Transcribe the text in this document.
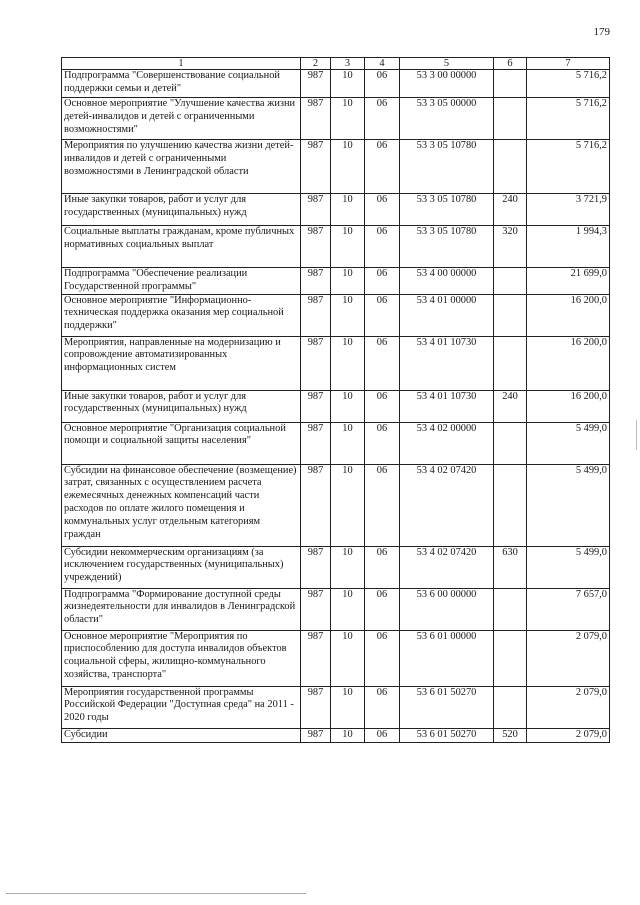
179
1	2	3	4	5	6	7
Подпрограмма "Совершенствование социальной поддержки семьи и детей"	987	10	06	53 3 00 00000		5 716,2
Основное мероприятие "Улучшение качества жизни детей-инвалидов и детей с ограниченными возможностями"	987	10	06	53 3 05 00000		5 716,2
Мероприятия по улучшению качества жизни детей-инвалидов и детей с ограниченными возможностями в Ленинградской области	987	10	06	53 3 05 10780		5 716,2
Иные закупки товаров, работ и услуг для государственных (муниципальных) нужд	987	10	06	53 3 05 10780	240	3 721,9
Социальные выплаты гражданам, кроме публичных нормативных социальных выплат	987	10	06	53 3 05 10780	320	1 994,3
Подпрограмма "Обеспечение реализации Государственной программы"	987	10	06	53 4 00 00000		21 699,0
Основное мероприятие "Информационно-техническая поддержка оказания мер социальной поддержки"	987	10	06	53 4 01 00000		16 200,0
Мероприятия, направленные на модернизацию и сопровождение автоматизированных информационных систем	987	10	06	53 4 01 10730		16 200,0
Иные закупки товаров, работ и услуг для государственных (муниципальных) нужд	987	10	06	53 4 01 10730	240	16 200,0
Основное мероприятие "Организация социальной помощи и социальной защиты населения"	987	10	06	53 4 02 00000		5 499,0
Субсидии на финансовое обеспечение (возмещение) затрат, связанных с осуществлением расчета ежемесячных денежных компенсаций части расходов по оплате жилого помещения и коммунальных услуг отдельным категориям граждан	987	10	06	53 4 02 07420		5 499,0
Субсидии некоммерческим организациям (за исключением государственных (муниципальных) учреждений)	987	10	06	53 4 02 07420	630	5 499,0
Подпрограмма "Формирование доступной среды жизнедеятельности для инвалидов в Ленинградской области"	987	10	06	53 6 00 00000		7 657,0
Основное мероприятие "Мероприятия по приспособлению для доступа инвалидов объектов социальной сферы, жилищно-коммунального хозяйства, транспорта"	987	10	06	53 6 01 00000		2 079,0
Мероприятия государственной программы Российской Федерации "Доступная среда" на 2011 - 2020 годы	987	10	06	53 6 01 50270		2 079,0
Субсидии	987	10	06	53 6 01 50270	520	2 079,0
